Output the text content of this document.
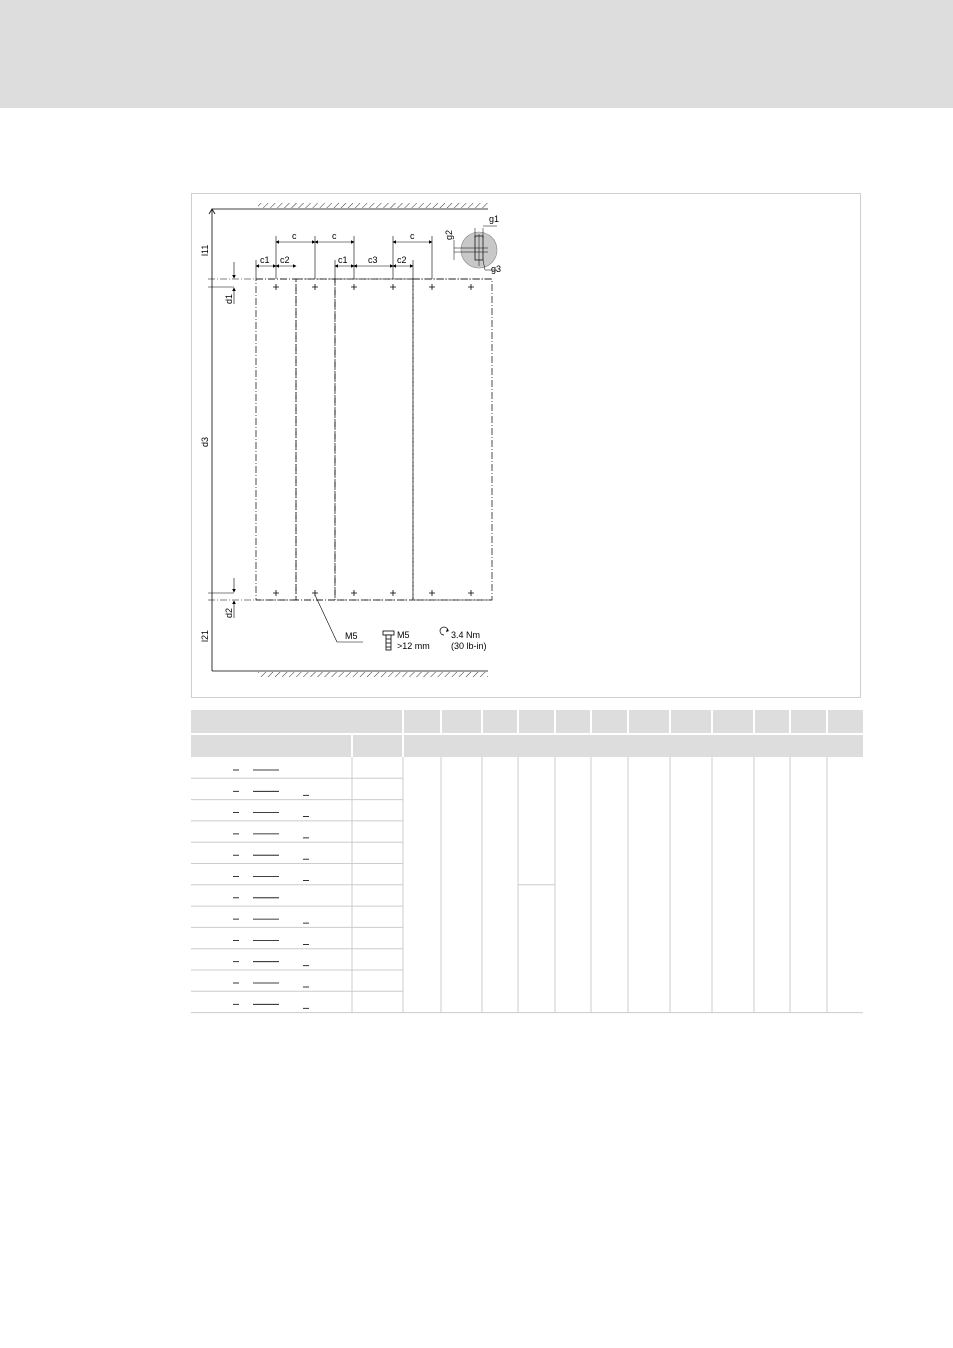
l11
d1
d3
d2
l21
c	c	c
c1 c2	c1 c3 c2
g1
g2
g3
M5	M5
>12 mm
3.4 Nm
(30 lb-in)
